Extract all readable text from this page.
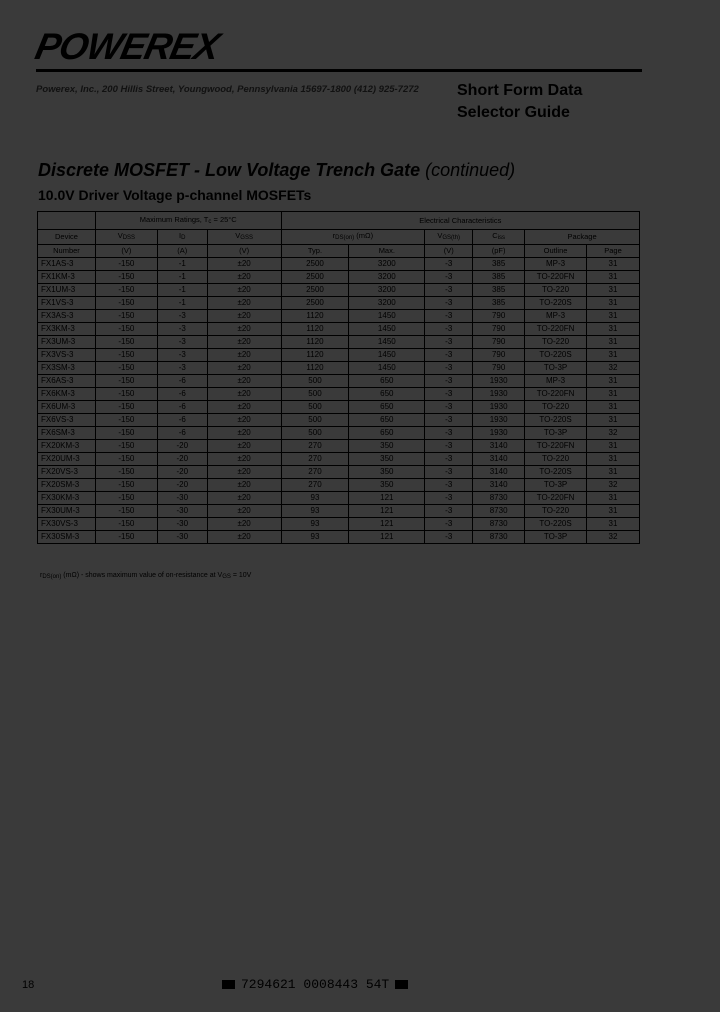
POWEREX
Powerex, Inc., 200 Hillis Street, Youngwood, Pennsylvania 15697-1800 (412) 925-7272 Short Form Data
Selector Guide
Discrete MOSFET - Low Voltage Trench Gate (continued)
10.0V Driver Voltage p-channel MOSFETs
	Maximum Ratings, $T_c = 25^\circ C$			Electrical Characteristics					
Device	$V_{DSS}$	$I_D$	$V_{GSS}$	$r_{DS(on)}$ (mΩ)		$V_{GS(th)}$	$C_{iss}$	Package	
Number	(V)	(A)	(V)	Typ.	Max.	(V)	(pF)	Outline	Page
FX1AS-3	-150	-1	±20	2500	3200	-3	385	MP-3	31
FX1KM-3	-150	-1	±20	2500	3200	-3	385	TO-220FN	31
FX1UM-3	-150	-1	±20	2500	3200	-3	385	TO-220	31
FX1VS-3	-150	-1	±20	2500	3200	-3	385	TO-220S	31
FX3AS-3	-150	-3	±20	1120	1450	-3	790	MP-3	31
FX3KM-3	-150	-3	±20	1120	1450	-3	790	TO-220FN	31
FX3UM-3	-150	-3	±20	1120	1450	-3	790	TO-220	31
FX3VS-3	-150	-3	±20	1120	1450	-3	790	TO-220S	31
FX3SM-3	-150	-3	±20	1120	1450	-3	790	TO-3P	32
FX6AS-3	-150	-6	±20	500	650	-3	1930	MP-3	31
FX6KM-3	-150	-6	±20	500	650	-3	1930	TO-220FN	31
FX6UM-3	-150	-6	±20	500	650	-3	1930	TO-220	31
FX6VS-3	-150	-6	±20	500	650	-3	1930	TO-220S	31
FX6SM-3	-150	-6	±20	500	650	-3	1930	TO-3P	32
FX20KM-3	-150	-20	±20	270	350	-3	3140	TO-220FN	31
FX20UM-3	-150	-20	±20	270	350	-3	3140	TO-220	31
FX20VS-3	-150	-20	±20	270	350	-3	3140	TO-220S	31
FX20SM-3	-150	-20	±20	270	350	-3	3140	TO-3P	32
FX30KM-3	-150	-30	±20	93	121	-3	8730	TO-220FN	31
FX30UM-3	-150	-30	±20	93	121	-3	8730	TO-220	31
FX30VS-3	-150	-30	±20	93	121	-3	8730	TO-220S	31
FX30SM-3	-150	-30	±20	93	121	-3	8730	TO-3P	32
$r_{DS(on)}$ (mΩ) - shows maximum value of on-resistance at $V_{GS} = 10V$
18	7294621 0008443 54T
